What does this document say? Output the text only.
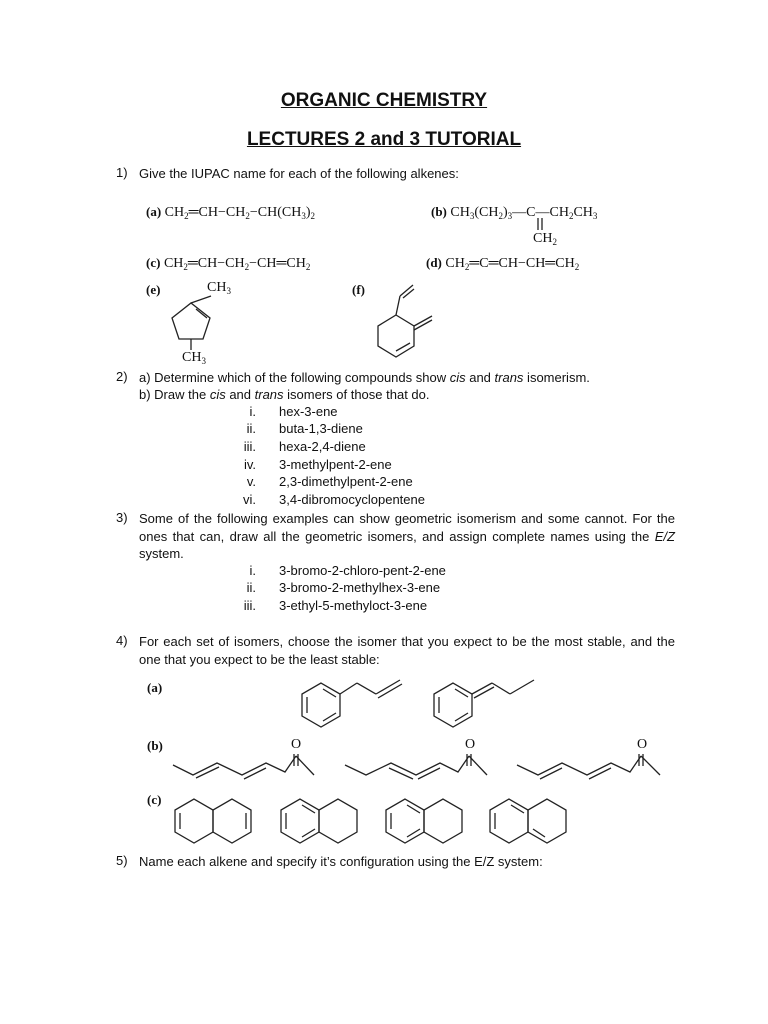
ORGANIC CHEMISTRY
LECTURES 2 and 3 TUTORIAL
1) Give the IUPAC name for each of the following alkenes:
(a) $CH_2═CH-CH_2-CH(CH_3)_2$	(b) $CH_3(CH_2)_3—C—CH_2CH_3$
$CH_2$
(c) $CH_2═CH-CH_2-CH═CH_2$	(d) $CH_2═C═CH-CH═CH_2$
(e)	$CH_3$
$CH_3$
(f)
2) a) Determine which of the following compounds show cis and trans isomerism.
b) Draw the cis and trans isomers of those that do.
i. hex-3-ene
ii. buta-1,3-diene
iii. hexa-2,4-diene
iv. 3-methylpent-2-ene
v. 2,3-dimethylpent-2-ene
vi. 3,4-dibromocyclopentene
3) Some of the following examples can show geometric isomerism and some cannot. For the ones that can, draw all the geometric isomers, and assign complete names using the E/Z system.
i. 3-bromo-2-chloro-pent-2-ene
ii. 3-bromo-2-methylhex-3-ene
iii. 3-ethyl-5-methyloct-3-ene
4) For each set of isomers, choose the isomer that you expect to be the most stable, and the one that you expect to be the least stable:
(a)
(b)	O	O	O
(c)
5) Name each alkene and specify it’s configuration using the E/Z system:
